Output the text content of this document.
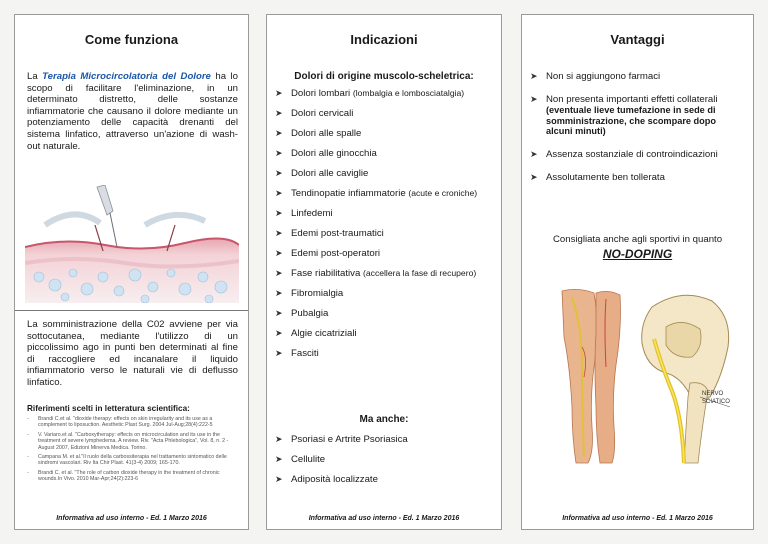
Come funziona
La Terapia Microcircolatoria del Dolore ha lo scopo di facilitare l'eliminazione, in un determinato distretto, delle sostanze infiammatorie che causano il dolore mediante un potenziamento delle capacità drenanti del sistema linfatico, attraverso un'azione di wash-out naturale.
La somministrazione della C02 avviene per via sottocutanea, mediante l'utilizzo di un piccolissimo ago in punti ben determinati al fine di raccogliere ed incanalare il liquido infiammatorio verso le naturali vie di deflusso linfatico.
Riferimenti scelti in letteratura scientifica:
- Brandi C.et al. "dioxide therapy: effects on skin irregularity and its use as a complement to liposuction. Aesthetic Plast Surg. 2004 Jul-Aug;28(4):222-5
- V. Variaro.et al. "Carboxytherapy: effects on microcirculation and its use in the treatment of severe lymphedema. A review. Riv. "Acta Phlebologica", Vol. 8, n. 2 - August 2007, Edizioni Minerva Medica. Torino.
- Campana M. et al."Il ruolo della carbossiterapia nel trattamento sintomatico delle sindromi vascolari. Riv Ita Chir Plast. 41(3-4) 2009; 165-170.
- Brandi C. et al. "The role of carbon dioxide therapy in the treatment of chronic wounds.In Vivo. 2010 Mar-Apr;24(2):223-6
Informativa ad uso interno - Ed. 1 Marzo 2016
Indicazioni
Dolori di origine muscolo-scheletrica:
➤ Dolori lombari (lombalgia e lombosciatalgia)
➤ Dolori cervicali
➤ Dolori alle spalle
➤ Dolori alle ginocchia
➤ Dolori alle caviglie
➤ Tendinopatie infiammatorie (acute e croniche)
➤ Linfedemi
➤ Edemi post-traumatici
➤ Edemi post-operatori
➤ Fase riabilitativa (accellera la fase di recupero)
➤ Fibromialgia
➤ Pubalgia
➤ Algie cicatriziali
➤ Fasciti
Ma anche:
➤ Psoriasi e Artrite Psoriasica
➤ Cellulite
➤ Adiposità localizzate
Informativa ad uso interno - Ed. 1 Marzo 2016
Vantaggi
➤ Non si aggiungono farmaci
➤ Non presenta importanti effetti collaterali
(eventuale lieve tumefazione in sede di somministrazione, che scompare dopo alcuni minuti)
➤ Assenza sostanziale di controindicazioni
➤ Assolutamente ben tollerata
Consigliata anche agli sportivi in quanto
NO-DOPING
NERVO
SCIATICO
Informativa ad uso interno - Ed. 1 Marzo 2016
